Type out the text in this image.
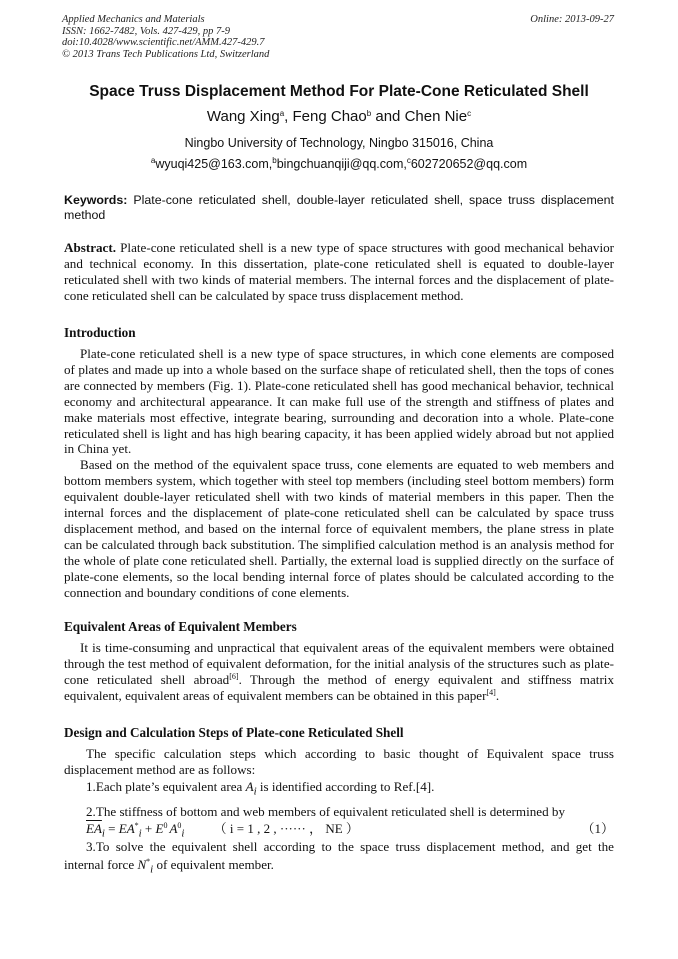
Applied Mechanics and Materials
ISSN: 1662-7482, Vols. 427-429, pp 7-9
doi:10.4028/www.scientific.net/AMM.427-429.7
© 2013 Trans Tech Publications Ltd, Switzerland
Online: 2013-09-27
Space Truss Displacement Method For Plate-Cone Reticulated Shell
Wang Xing$^a$, Feng Chao$^b$ and Chen Nie$^c$
Ningbo University of Technology, Ningbo 315016, China
$^a$wyuqi425@163.com,$^b$bingchuanqiji@qq.com,$^c$602720652@qq.com
Keywords: Plate-cone reticulated shell, double-layer reticulated shell, space truss displacement method
Abstract. Plate-cone reticulated shell is a new type of space structures with good mechanical behavior and technical economy. In this dissertation, plate-cone reticulated shell is equated to double-layer reticulated shell with two kinds of material members. The internal forces and the displacement of plate-cone reticulated shell can be calculated by space truss displacement method.
Introduction

Plate-cone reticulated shell is a new type of space structures, in which cone elements are composed of plates and made up into a whole based on the surface shape of reticulated shell, then the tops of cones are connected by members (Fig. 1). Plate-cone reticulated shell has good mechanical behavior, technical economy and architectural appearance. It can make full use of the strength and stiffness of plates and make materials most effective, integrate bearing, surrounding and decoration into a whole. Plate-cone reticulated shell is light and has high bearing capacity, it has been applied widely abroad but not applied in China yet.

Based on the method of the equivalent space truss, cone elements are equated to web members and bottom members system, which together with steel top members (including steel bottom members) form equivalent double-layer reticulated shell with two kinds of material members in this paper. Then the internal forces and the displacement of plate-cone reticulated shell can be calculated by space truss displacement method, and based on the internal force of equivalent members, the plane stress in plate can be calculated through back substitution. The simplified calculation method is an analysis method for the whole of plate cone reticulated shell. Partially, the external load is supplied directly on the surface of plate-cone elements, so the local bending internal force of plates should be calculated according to the connection and boundary conditions of cone elements.

Equivalent Areas of Equivalent Members

It is time-consuming and unpractical that equivalent areas of the equivalent members were obtained through the test method of equivalent deformation, for the initial analysis of the structures such as plate-cone reticulated shell abroad[6]. Through the method of energy equivalent and stiffness matrix equivalent, equivalent areas of equivalent members can be obtained in this paper[4].

Design and Calculation Steps of Plate-cone Reticulated Shell

The specific calculation steps which according to basic thought of Equivalent space truss displacement method are as follows:

1.Each plate’s equivalent area $A_i$ is identified according to Ref.[4].

2.The stiffness of bottom and web members of equivalent reticulated shell is determined by

$\overline{EA}_i = EA^*_i + E^0$ $A^0_i$ （ i = 1 , 2 , ······ ， NE ）	（1）

3.To solve the equivalent shell according to the space truss displacement method, and get the internal force $N^*_i$ of equivalent member.
